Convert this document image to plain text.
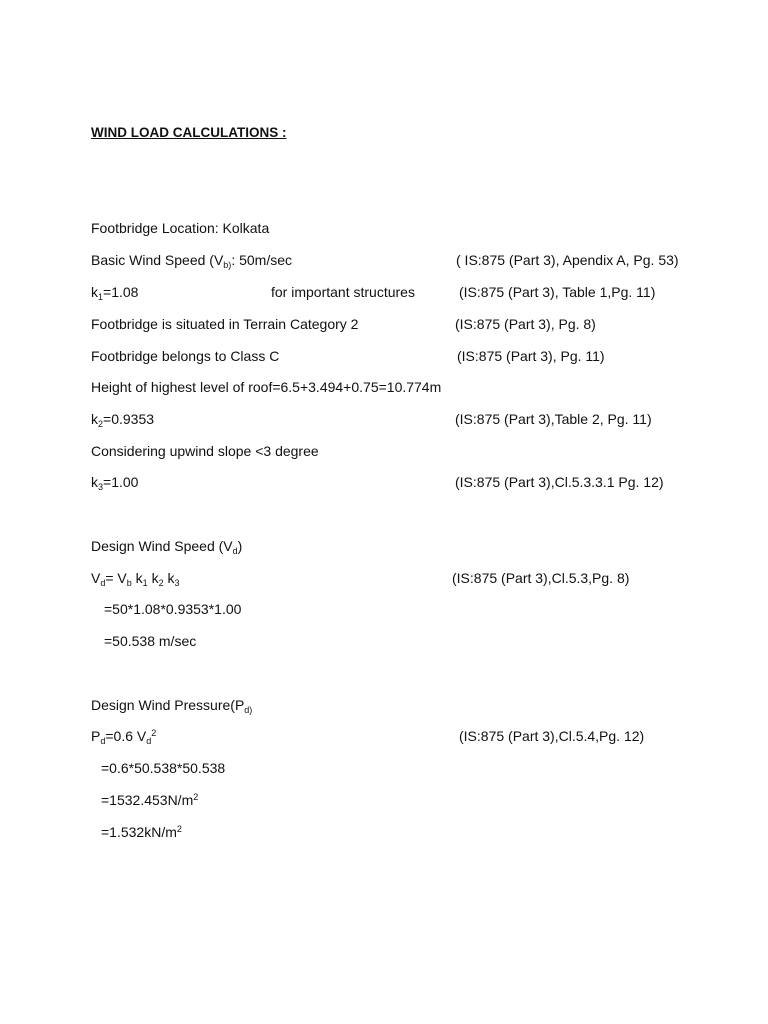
WIND LOAD CALCULATIONS :
Footbridge Location: Kolkata
Basic Wind Speed ($V_{b)}$: 50m/sec	( IS:875 (Part 3), Apendix A, Pg. 53)
$k_1=1.08$	for important structures	(IS:875 (Part 3), Table 1,Pg. 11)
Footbridge is situated in Terrain Category 2	(IS:875 (Part 3), Pg. 8)
Footbridge belongs to Class C	(IS:875 (Part 3), Pg. 11)
Height of highest level of roof=6.5+3.494+0.75=10.774m
$k_2=0.9353$	(IS:875 (Part 3),Table 2, Pg. 11)
Considering upwind slope <3 degree
$k_3=1.00$	(IS:875 (Part 3),Cl.5.3.3.1 Pg. 12)
Design Wind Speed $(V_d)$
$V_d= V_b$ $k_1$ $k_2$ $k_3$	(IS:875 (Part 3),Cl.5.3,Pg. 8)
=50*1.08*0.9353*1.00
=50.538 m/sec
Design Wind $Pressure(P_{d)}$
$P_d=0.6$ $V_d^2$	(IS:875 (Part 3),Cl.5.4,Pg. 12)
=0.6*50.538*50.538
$=1532.453N/m^2$
$=1.532kN/m^2$
